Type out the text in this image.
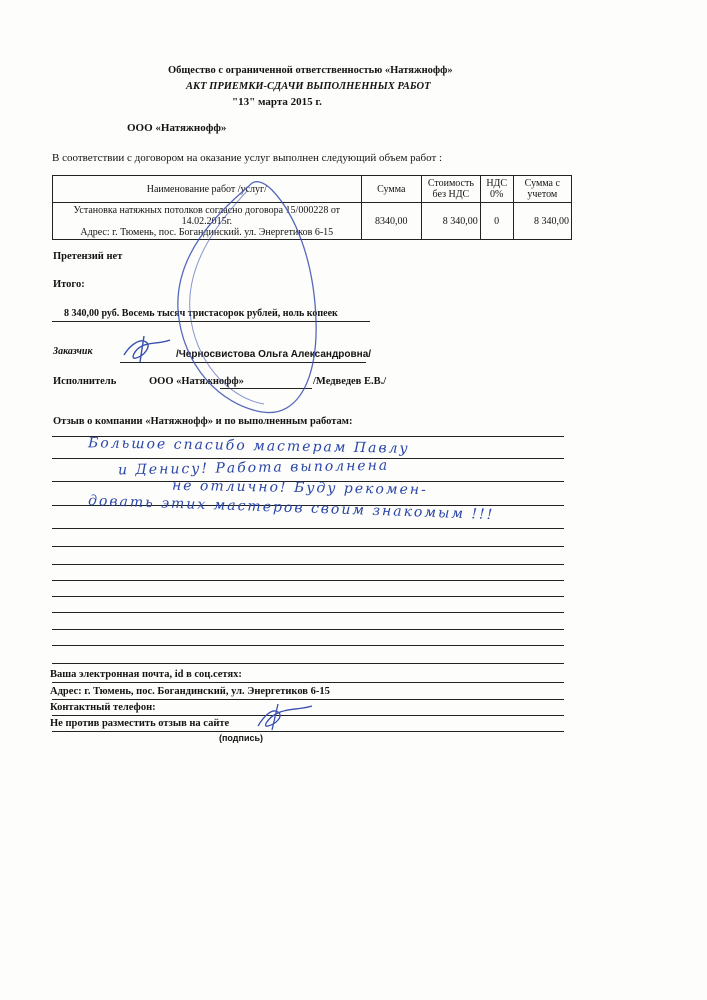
Общество с ограниченной ответственностью «Натяжнофф»
АКТ ПРИЕМКИ-СДАЧИ ВЫПОЛНЕННЫХ РАБОТ
"13" марта 2015 г.
ООО «Натяжнофф»
В соответствии с договором на оказание услуг выполнен следующий объем работ :
Наименование работ /услуг/	Сумма	Стоимость без НДС	НДС 0%	Сумма с учетом

Установка натяжных потолков согласно договора 15/000228 от 14.02.2015г.
Адрес: г. Тюмень, пос. Богандинский. ул. Энергетиков 6-15	8340,00	8 340,00	0	8 340,00
Претензий нет
Итого:
8 340,00 руб. Восемь тысяч тристасорок рублей, ноль копеек
Заказчик	/Черносвистова Ольга Александровна/
Исполнитель	ООО «Натяжнофф»	/Медведев Е.В./
Отзыв о компании «Натяжнофф» и по выполненным работам:
Большое спасибо мастерам Павлу
и Денису! Работа выполнена
не отлично! Буду рекомен-
довать этих мастеров своим знакомым !!!
Ваша электронная почта, id в соц.сетях:
Адрес: г. Тюмень, пос. Богандинский, ул. Энергетиков 6-15
Контактный телефон:
Не против разместить отзыв на сайте
(подпись)
